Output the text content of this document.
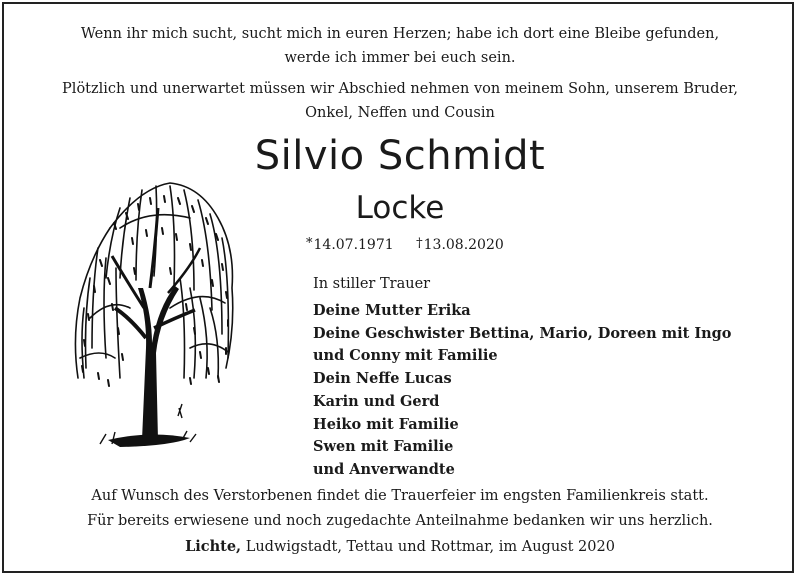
Wenn ihr mich sucht, sucht mich in euren Herzen; habe ich dort eine Bleibe gefunden,
werde ich immer bei euch sein.
Plötzlich und unerwartet müssen wir Abschied nehmen von meinem Sohn, unserem Bruder,
Onkel, Neffen und Cousin
Silvio Schmidt
Locke
*14.07.1971 †13.08.2020
In stiller Trauer
Deine Mutter Erika
Deine Geschwister Bettina, Mario, Doreen mit Ingo
und Conny mit Familie
Dein Neffe Lucas
Karin und Gerd
Heiko mit Familie
Swen mit Familie
und Anverwandte
Auf Wunsch des Verstorbenen findet die Trauerfeier im engsten Familienkreis statt.
Für bereits erwiesene und noch zugedachte Anteilnahme bedanken wir uns herzlich.
Lichte, Ludwigstadt, Tettau und Rottmar, im August 2020
